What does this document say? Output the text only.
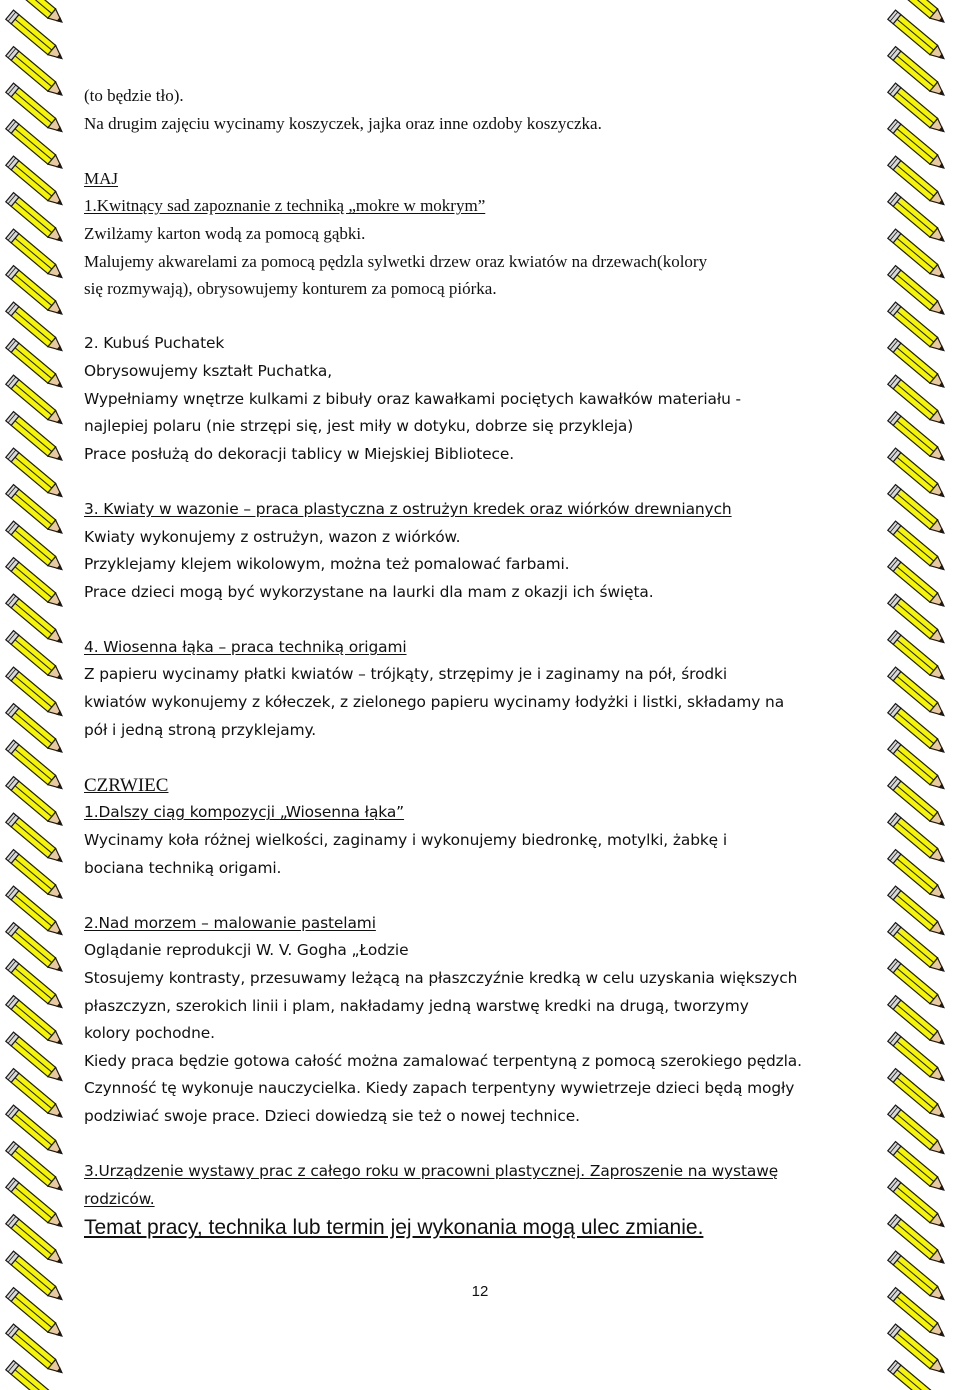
(to będzie tło).

Na drugim zajęciu wycinamy koszyczek, jajka oraz inne ozdoby koszyczka.

MAJ

1.Kwitnący sad zapoznanie z techniką „mokre w mokrym”

Zwilżamy karton wodą za pomocą gąbki.

Malujemy akwarelami za pomocą pędzla sylwetki drzew oraz kwiatów na drzewach(kolory

się rozmywają), obrysowujemy konturem za pomocą piórka.

2. Kubuś Puchatek

Obrysowujemy kształt Puchatka,

Wypełniamy wnętrze kulkami z bibuły oraz kawałkami pociętych kawałków materiału -

najlepiej polaru (nie strzępi się, jest miły w dotyku, dobrze się przykleja)

Prace posłużą do dekoracji tablicy w Miejskiej Bibliotece.

3. Kwiaty w wazonie – praca plastyczna z ostrużyn kredek oraz wiórków drewnianych

Kwiaty wykonujemy z ostrużyn, wazon z wiórków.

Przyklejamy klejem wikolowym, można też pomalować farbami.

Prace dzieci mogą być wykorzystane na laurki dla mam z okazji ich święta.

4. Wiosenna łąka – praca techniką origami

Z papieru wycinamy płatki kwiatów – trójkąty, strzępimy je i zaginamy na pół, środki

kwiatów wykonujemy z kółeczek, z zielonego papieru wycinamy łodyżki i listki, składamy na

pół i jedną stroną przyklejamy.

CZRWIEC

1.Dalszy ciąg kompozycji „Wiosenna łąka”

Wycinamy koła różnej wielkości, zaginamy i wykonujemy biedronkę, motylki, żabkę i

bociana techniką origami.

2.Nad morzem – malowanie pastelami

Oglądanie reprodukcji W. V. Gogha „Łodzie

Stosujemy kontrasty, przesuwamy leżącą na płaszczyźnie kredką w celu uzyskania większych

płaszczyzn, szerokich linii i plam, nakładamy jedną warstwę kredki na drugą, tworzymy

kolory pochodne.

Kiedy praca będzie gotowa całość można zamalować terpentyną z pomocą szerokiego pędzla.

Czynność tę wykonuje nauczycielka. Kiedy zapach terpentyny wywietrzeje dzieci będą mogły

podziwiać swoje prace. Dzieci dowiedzą sie też o nowej technice.

3.Urządzenie wystawy prac z całego roku w pracowni plastycznej. Zaproszenie na wystawę

rodziców.

Temat pracy, technika lub termin jej wykonania mogą ulec zmianie.

12
